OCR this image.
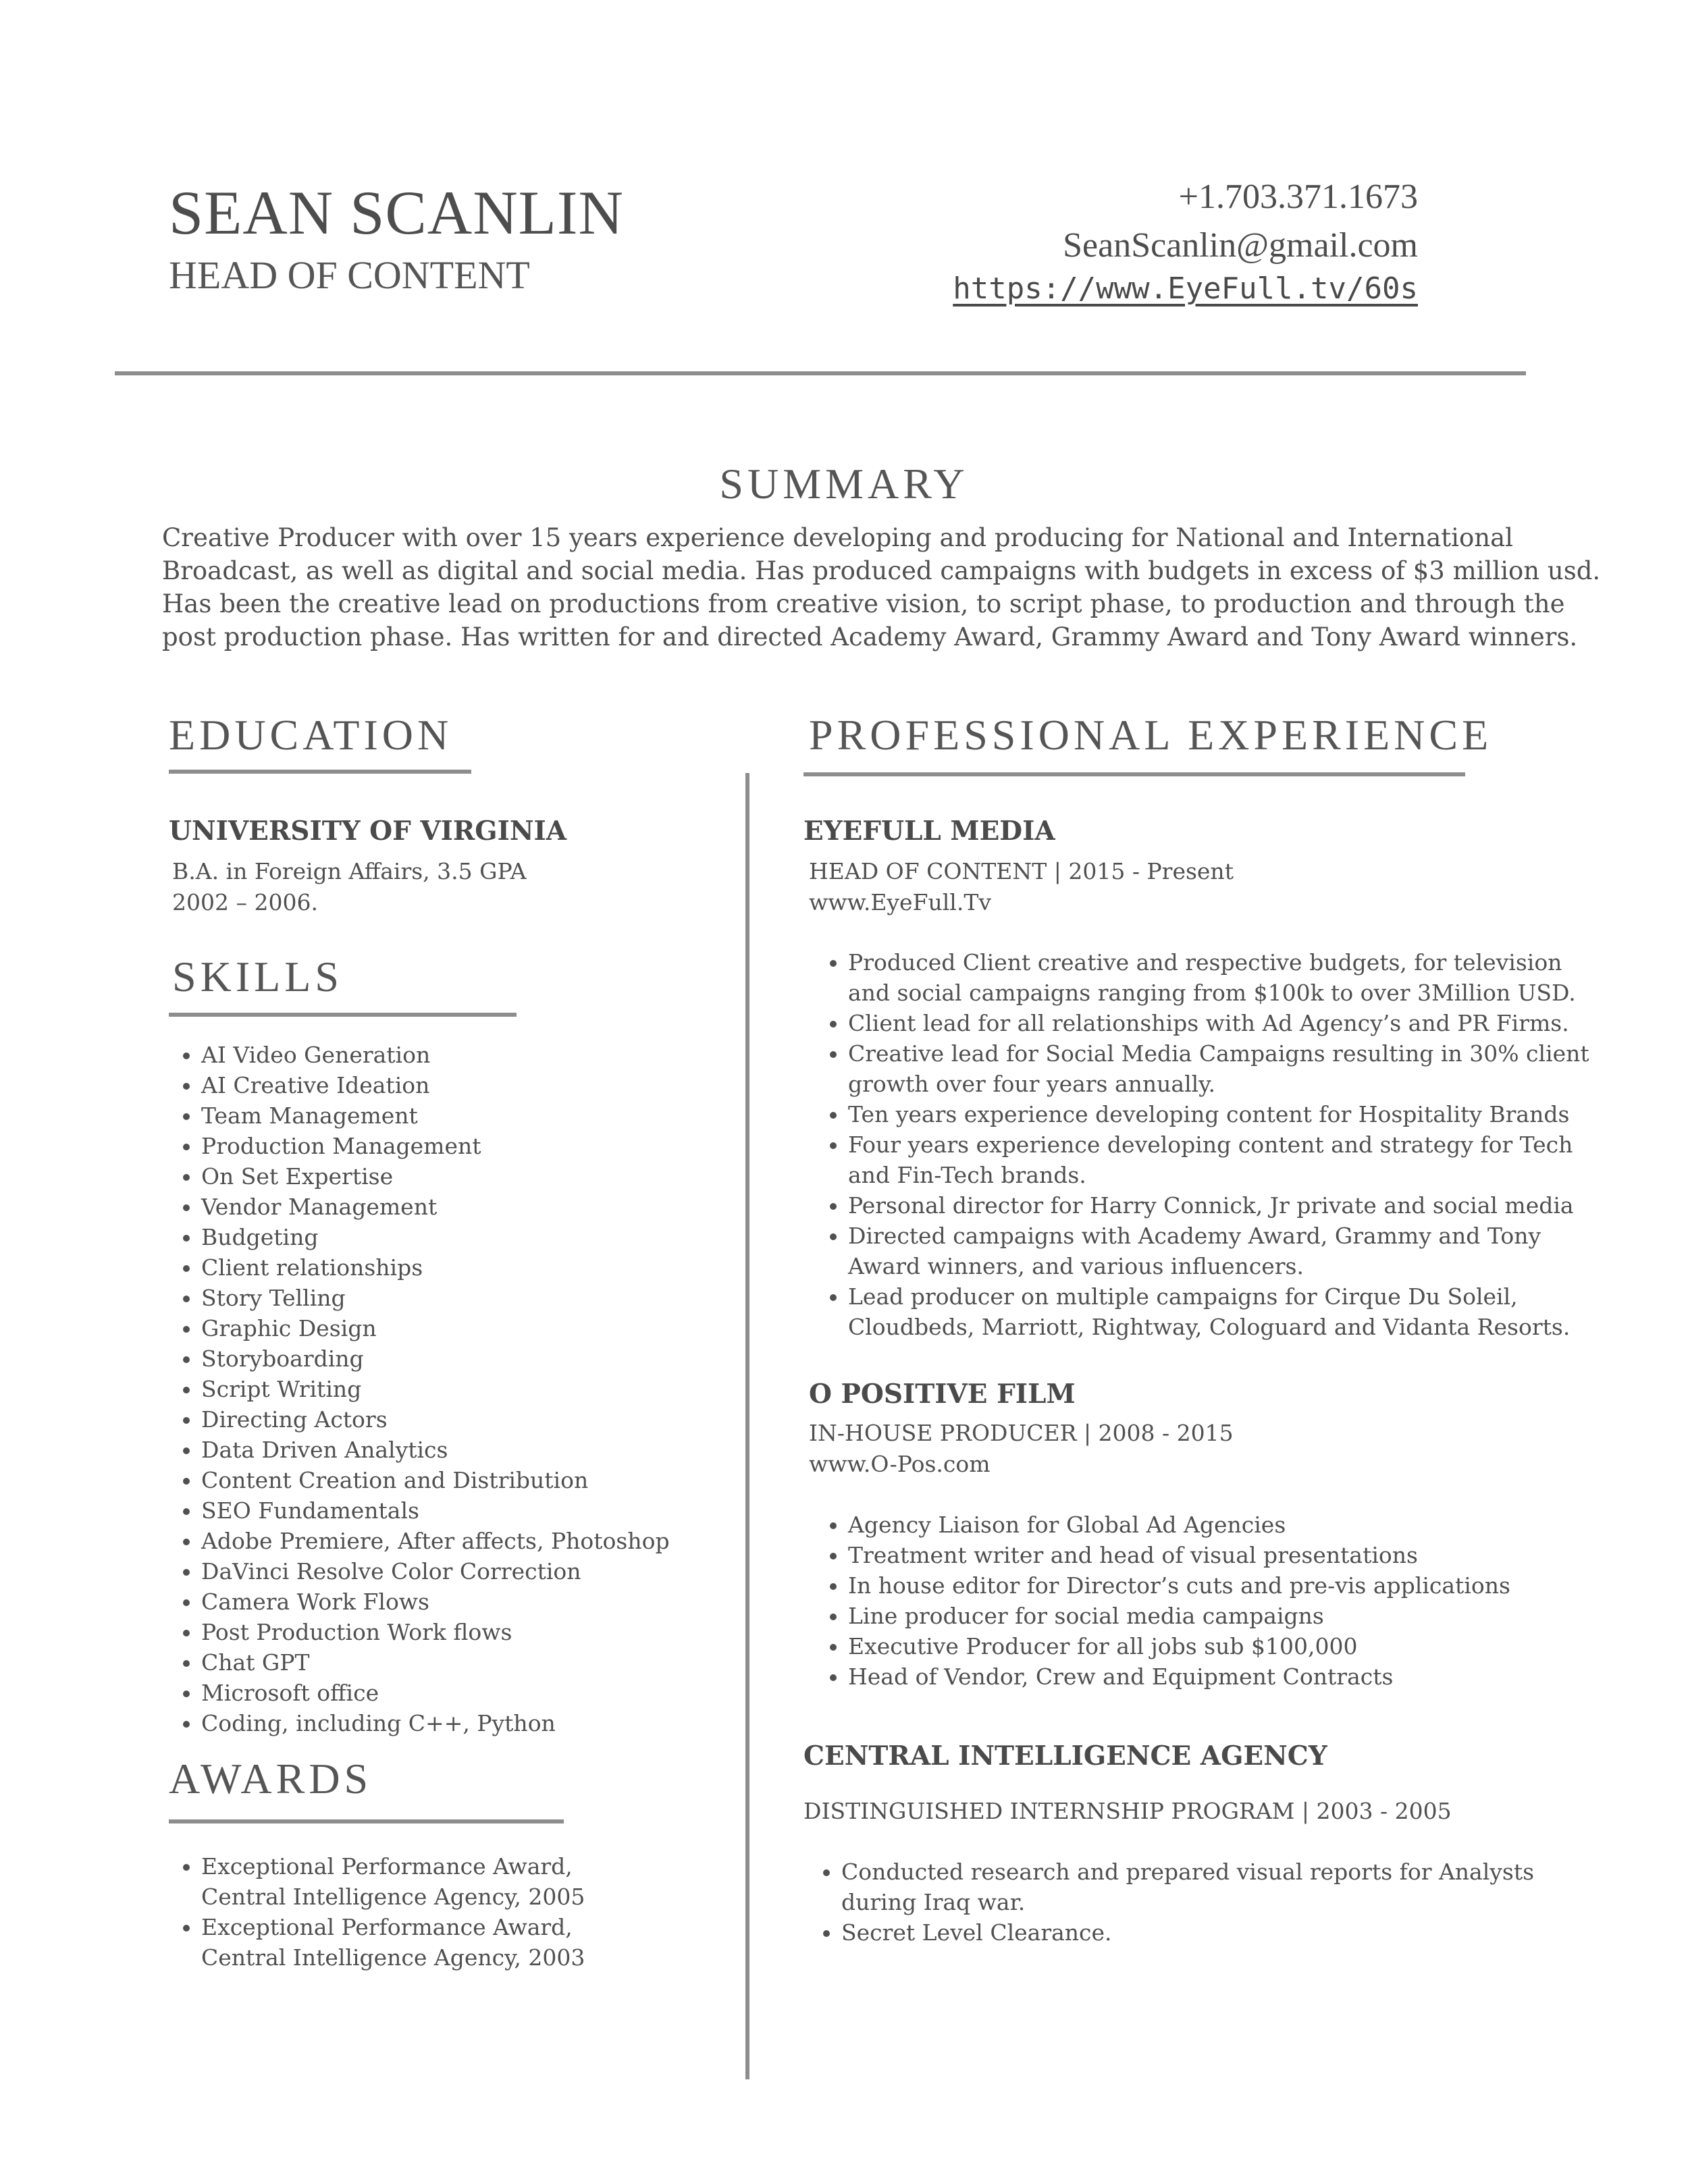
SEAN SCANLIN
HEAD OF CONTENT
+1.703.371.1673
SeanScanlin@gmail.com
https://www.EyeFull.tv/60s
SUMMARY
Creative Producer with over 15 years experience developing and producing for National and International
Broadcast, as well as digital and social media. Has produced campaigns with budgets in excess of $3 million usd.
Has been the creative lead on productions from creative vision, to script phase, to production and through the
post production phase. Has written for and directed Academy Award, Grammy Award and Tony Award winners.
EDUCATION
UNIVERSITY OF VIRGINIA
B.A. in Foreign Affairs, 3.5 GPA
2002 – 2006.
SKILLS
• AI Video Generation
• AI Creative Ideation
• Team Management
• Production Management
• On Set Expertise
• Vendor Management
• Budgeting
• Client relationships
• Story Telling
• Graphic Design
• Storyboarding
• Script Writing
• Directing Actors
• Data Driven Analytics
• Content Creation and Distribution
• SEO Fundamentals
• Adobe Premiere, After affects, Photoshop
• DaVinci Resolve Color Correction
• Camera Work Flows
• Post Production Work flows
• Chat GPT
• Microsoft office
• Coding, including C++, Python
AWARDS
• Exceptional Performance Award,
Central Intelligence Agency, 2005
• Exceptional Performance Award,
Central Intelligence Agency, 2003
PROFESSIONAL EXPERIENCE
EYEFULL MEDIA
HEAD OF CONTENT | 2015 - Present
www.EyeFull.Tv
• Produced Client creative and respective budgets, for television
and social campaigns ranging from $100k to over 3Million USD.
• Client lead for all relationships with Ad Agency’s and PR Firms.
• Creative lead for Social Media Campaigns resulting in 30% client
growth over four years annually.
• Ten years experience developing content for Hospitality Brands
• Four years experience developing content and strategy for Tech
and Fin-Tech brands.
• Personal director for Harry Connick, Jr private and social media
• Directed campaigns with Academy Award, Grammy and Tony
Award winners, and various influencers.
• Lead producer on multiple campaigns for Cirque Du Soleil,
Cloudbeds, Marriott, Rightway, Cologuard and Vidanta Resorts.
O POSITIVE FILM
IN-HOUSE PRODUCER | 2008 - 2015
www.O-Pos.com
• Agency Liaison for Global Ad Agencies
• Treatment writer and head of visual presentations
• In house editor for Director’s cuts and pre-vis applications
• Line producer for social media campaigns
• Executive Producer for all jobs sub $100,000
• Head of Vendor, Crew and Equipment Contracts
CENTRAL INTELLIGENCE AGENCY
DISTINGUISHED INTERNSHIP PROGRAM | 2003 - 2005
• Conducted research and prepared visual reports for Analysts
during Iraq war.
• Secret Level Clearance.
